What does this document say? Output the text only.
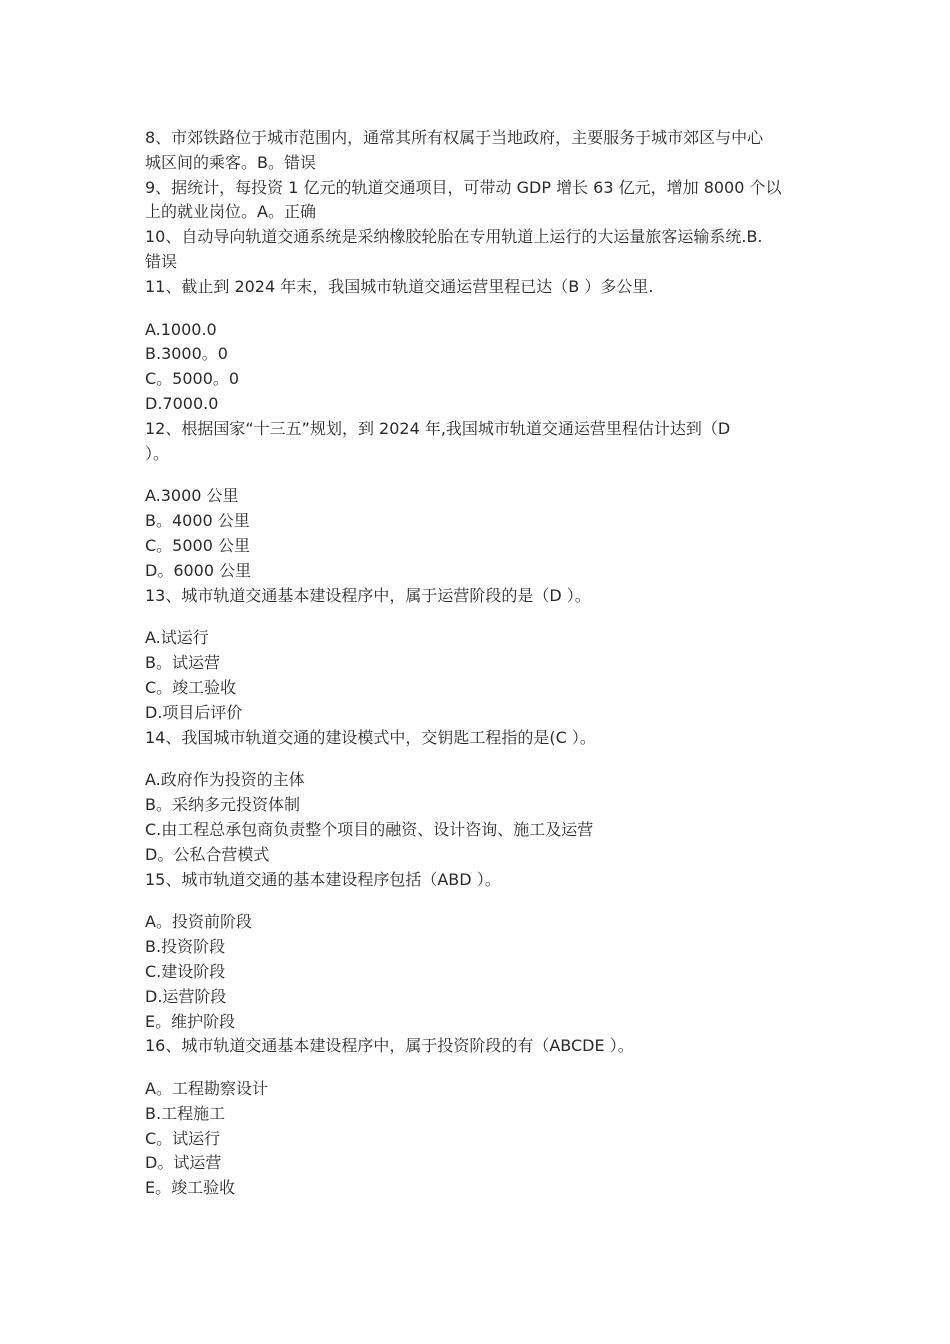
8、市郊铁路位于城市范围内，通常其所有权属于当地政府，主要服务于城市郊区与中心
城区间的乘客。B。错误
9、据统计，每投资 1 亿元的轨道交通项目，可带动 GDP 增长 63 亿元，增加 8000 个以
上的就业岗位。A。正确
10、自动导向轨道交通系统是采纳橡胶轮胎在专用轨道上运行的大运量旅客运输系统.B.
错误
11、截止到 2024 年末，我国城市轨道交通运营里程已达（B ）多公里.
A.1000.0
B.3000。0
C。5000。0
D.7000.0
12、根据国家“十三五”规划，到 2024 年,我国城市轨道交通运营里程估计达到（D
）。
A.3000 公里
B。4000 公里
C。5000 公里
D。6000 公里
13、城市轨道交通基本建设程序中，属于运营阶段的是（D ）。
A.试运行
B。试运营
C。竣工验收
D.项目后评价
14、我国城市轨道交通的建设模式中，交钥匙工程指的是(C ）。
A.政府作为投资的主体
B。采纳多元投资体制
C.由工程总承包商负责整个项目的融资、设计咨询、施工及运营
D。公私合营模式
15、城市轨道交通的基本建设程序包括（ABD ）。
A。投资前阶段
B.投资阶段
C.建设阶段
D.运营阶段
E。维护阶段
16、城市轨道交通基本建设程序中，属于投资阶段的有（ABCDE ）。
A。工程勘察设计
B.工程施工
C。试运行
D。试运营
E。竣工验收
